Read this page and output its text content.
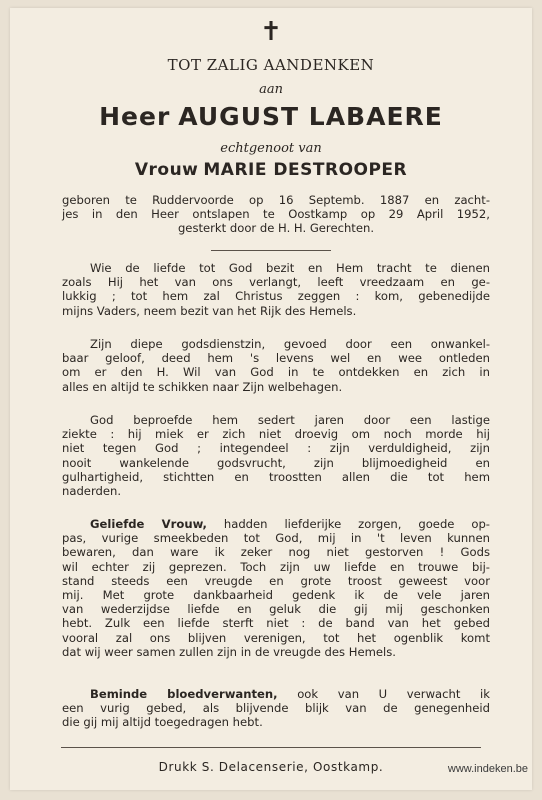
✝
TOT ZALIG AANDENKEN
aan
Heer AUGUST LABAERE
echtgenoot van
Vrouw MARIE DESTROOPER
geboren te Ruddervoorde op 16 Septemb. 1887 en zacht-
jes in den Heer ontslapen te Oostkamp op 29 April 1952,
gesterkt door de H. H. Gerechten.
Wie de liefde tot God bezit en Hem tracht te dienen
zoals Hij het van ons verlangt, leeft vreedzaam en ge-
lukkig ; tot hem zal Christus zeggen : kom, gebenedijde
mijns Vaders, neem bezit van het Rijk des Hemels.
Zijn diepe godsdienstzin, gevoed door een onwankel-
baar geloof, deed hem 's levens wel en wee ontleden
om er den H. Wil van God in te ontdekken en zich in
alles en altijd te schikken naar Zijn welbehagen.
God beproefde hem sedert jaren door een lastige
ziekte : hij miek er zich niet droevig om noch morde hij
niet tegen God ; integendeel : zijn verduldigheid, zijn
nooit wankelende godsvrucht, zijn blijmoedigheid en
gulhartigheid, stichtten en troostten allen die tot hem
naderden.
Geliefde Vrouw, hadden liefderijke zorgen, goede op-
pas, vurige smeekbeden tot God, mij in 't leven kunnen
bewaren, dan ware ik zeker nog niet gestorven ! Gods
wil echter zij geprezen. Toch zijn uw liefde en trouwe bij-
stand steeds een vreugde en grote troost geweest voor
mij. Met grote dankbaarheid gedenk ik de vele jaren
van wederzijdse liefde en geluk die gij mij geschonken
hebt. Zulk een liefde sterft niet : de band van het gebed
vooral zal ons blijven verenigen, tot het ogenblik komt
dat wij weer samen zullen zijn in de vreugde des Hemels.
Beminde bloedverwanten, ook van U verwacht ik
een vurig gebed, als blijvende blijk van de genegenheid
die gij mij altijd toegedragen hebt.
Drukk S. Delacenserie, Oostkamp.	www.indeken.be
